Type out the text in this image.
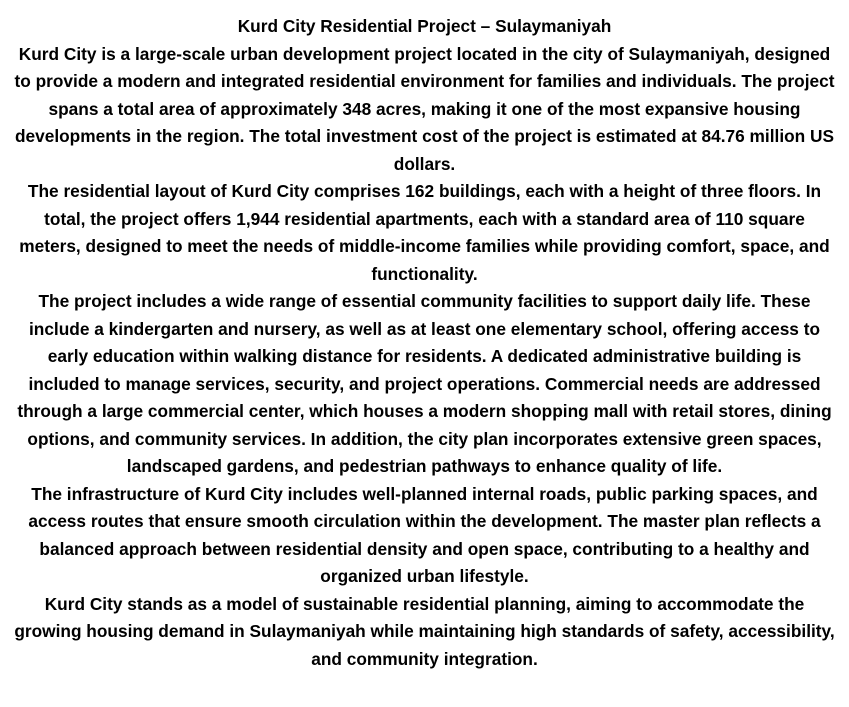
Kurd City Residential Project – Sulaymaniyah

Kurd City is a large-scale urban development project located in the city of Sulaymaniyah, designed to provide a modern and integrated residential environment for families and individuals. The project spans a total area of approximately 348 acres, making it one of the most expansive housing developments in the region. The total investment cost of the project is estimated at 84.76 million US dollars.

The residential layout of Kurd City comprises 162 buildings, each with a height of three floors. In total, the project offers 1,944 residential apartments, each with a standard area of 110 square meters, designed to meet the needs of middle-income families while providing comfort, space, and functionality.

The project includes a wide range of essential community facilities to support daily life. These include a kindergarten and nursery, as well as at least one elementary school, offering access to early education within walking distance for residents. A dedicated administrative building is included to manage services, security, and project operations. Commercial needs are addressed through a large commercial center, which houses a modern shopping mall with retail stores, dining options, and community services. In addition, the city plan incorporates extensive green spaces, landscaped gardens, and pedestrian pathways to enhance quality of life.

The infrastructure of Kurd City includes well-planned internal roads, public parking spaces, and access routes that ensure smooth circulation within the development. The master plan reflects a balanced approach between residential density and open space, contributing to a healthy and organized urban lifestyle.

Kurd City stands as a model of sustainable residential planning, aiming to accommodate the growing housing demand in Sulaymaniyah while maintaining high standards of safety, accessibility, and community integration.
